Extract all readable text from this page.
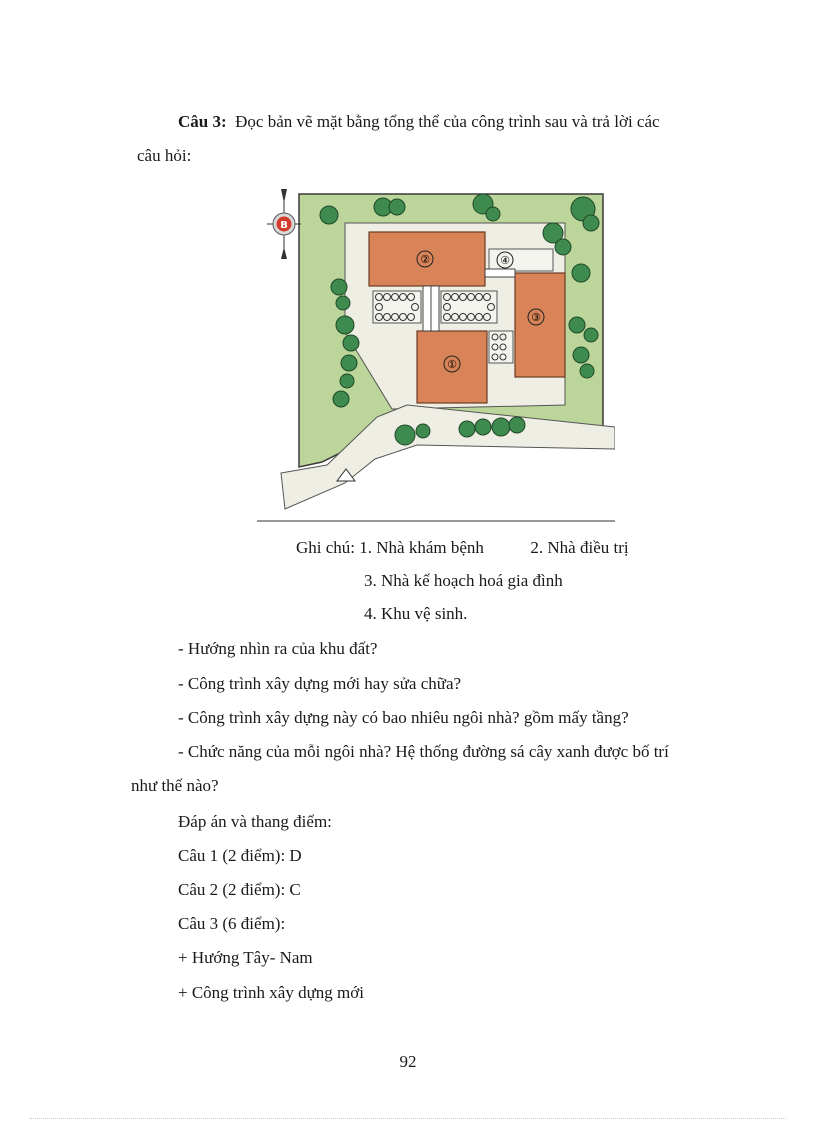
Câu 3: Đọc bản vẽ mặt bằng tổng thể của công trình sau và trả lời các
câu hỏi:
②	④
③
①
B
Ghi chú: 1. Nhà khám bệnh	2. Nhà điều trị
3. Nhà kế hoạch hoá gia đình
4. Khu vệ sinh.
- Hướng nhìn ra của khu đất?
- Công trình xây dựng mới hay sửa chữa?
- Công trình xây dựng này có bao nhiêu ngôi nhà? gồm mấy tầng?
- Chức năng của mỗi ngôi nhà? Hệ thống đường sá cây xanh được bố trí
như thế nào?
Đáp án và thang điểm:
Câu 1 (2 điểm): D
Câu 2 (2 điểm): C
Câu 3 (6 điểm):
+ Hướng Tây- Nam
+ Công trình xây dựng mới
92
